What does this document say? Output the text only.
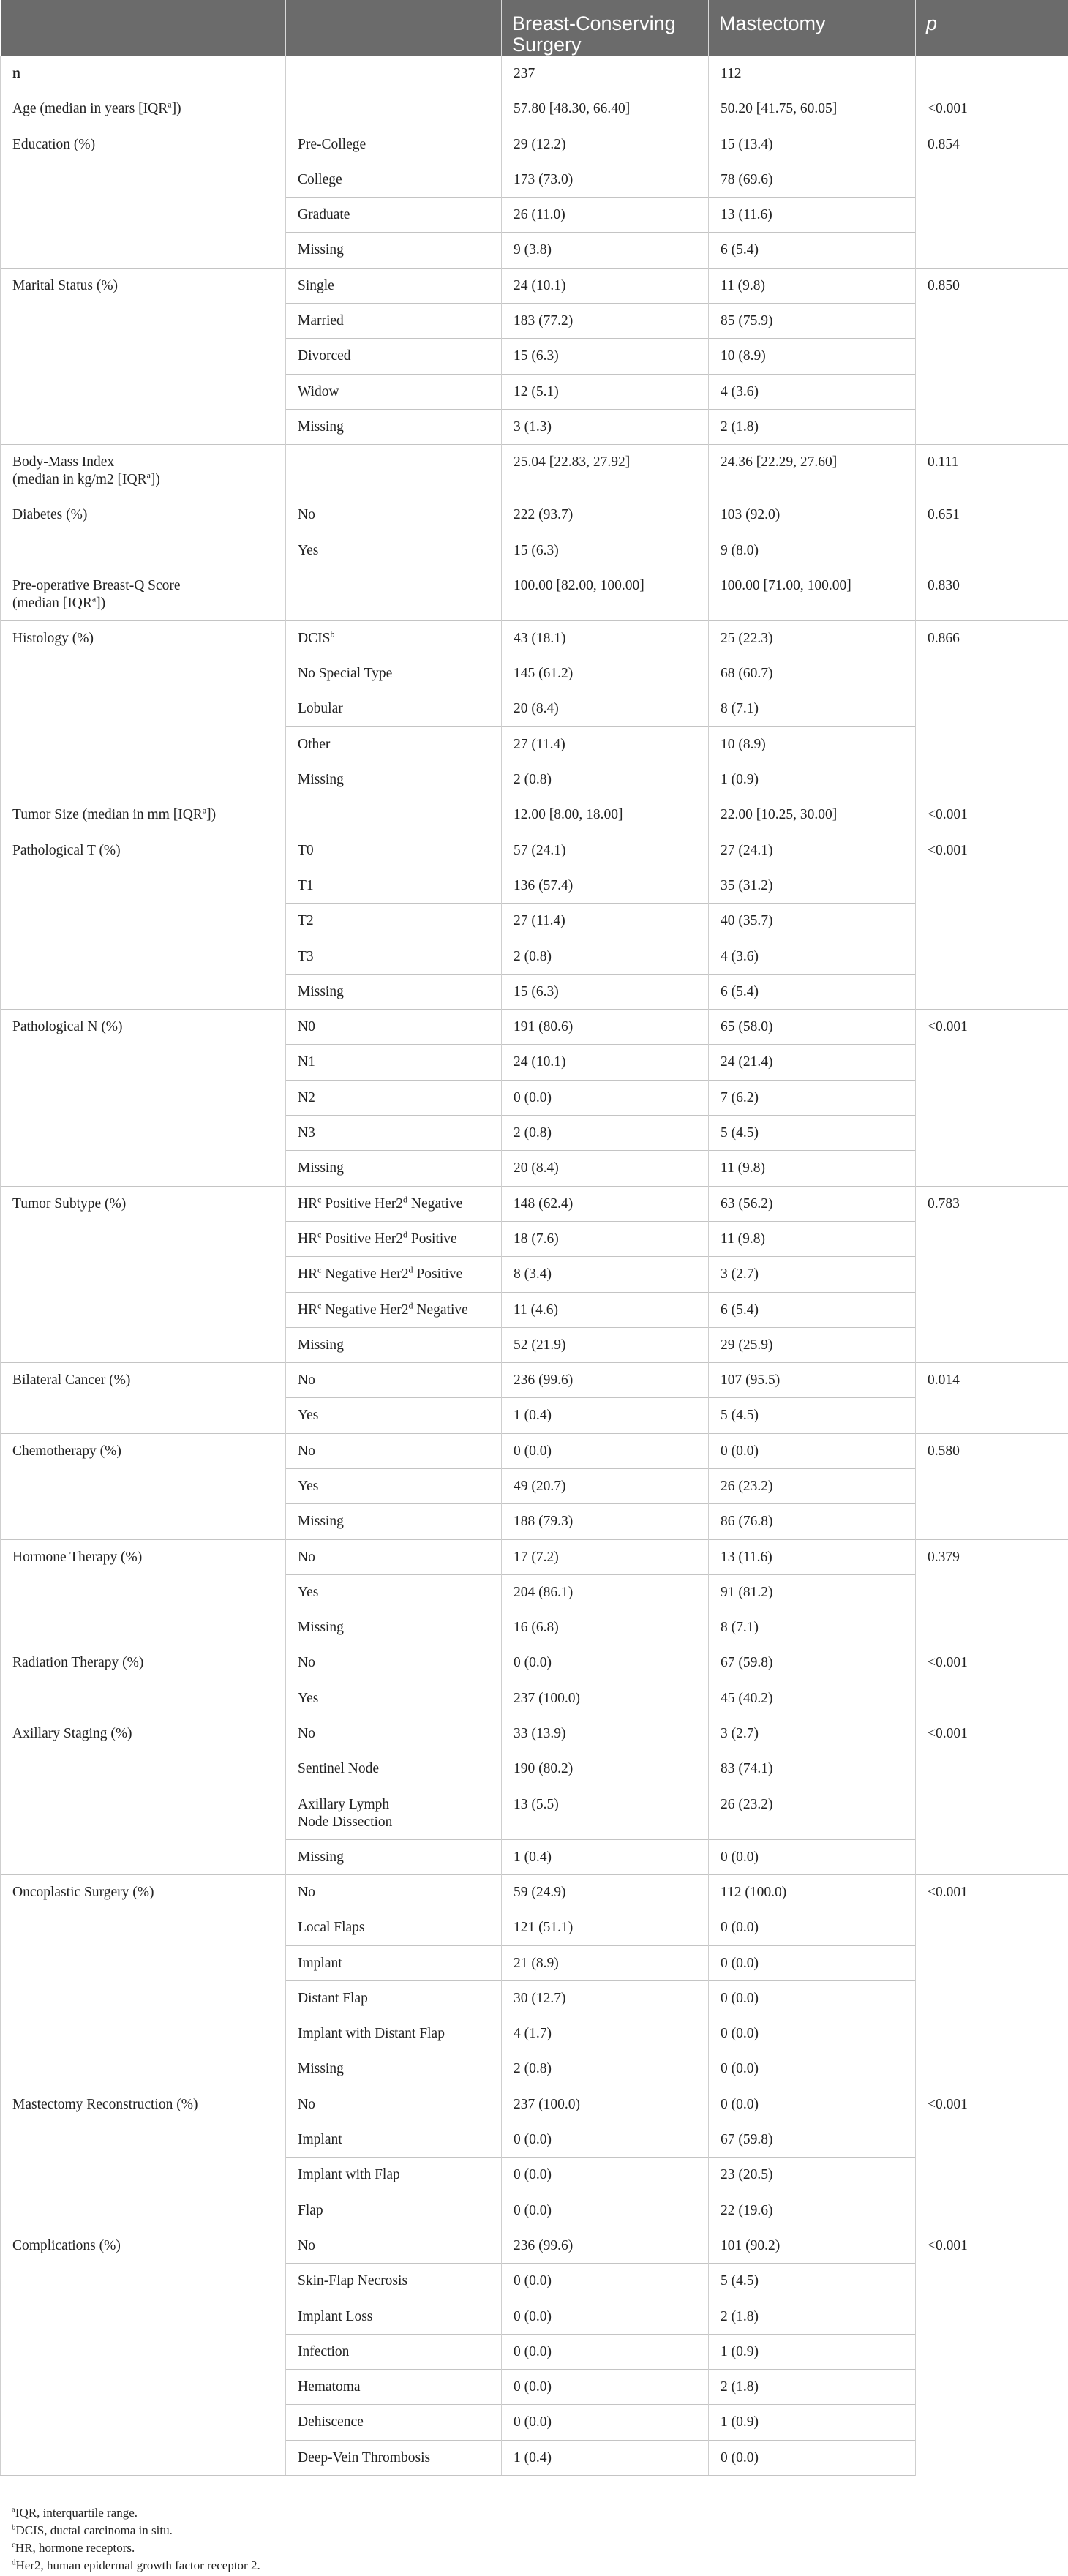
		Breast-Conserving Surgery	Mastectomy	p
n		237	112	
Age (median in years [IQR$^a$])		57.80 [48.30, 66.40]	50.20 [41.75, 60.05]	<0.001
Education (%)	Pre-College	29 (12.2)	15 (13.4)	0.854
	College	173 (73.0)	78 (69.6)	
	Graduate	26 (11.0)	13 (11.6)	
	Missing	9 (3.8)	6 (5.4)	
Marital Status (%)	Single	24 (10.1)	11 (9.8)	0.850
	Married	183 (77.2)	85 (75.9)	
	Divorced	15 (6.3)	10 (8.9)	
	Widow	12 (5.1)	4 (3.6)	
	Missing	3 (1.3)	2 (1.8)	
Body-Mass Index
(median in kg/m2 [IQR$^a$])		25.04 [22.83, 27.92]	24.36 [22.29, 27.60]	0.111
Diabetes (%)	No	222 (93.7)	103 (92.0)	0.651
	Yes	15 (6.3)	9 (8.0)	
Pre-operative Breast-Q Score
(median [IQR$^a$])		100.00 [82.00, 100.00]	100.00 [71.00, 100.00]	0.830
Histology (%)	DCIS$^b$	43 (18.1)	25 (22.3)	0.866
	No Special Type	145 (61.2)	68 (60.7)	
	Lobular	20 (8.4)	8 (7.1)	
	Other	27 (11.4)	10 (8.9)	
	Missing	2 (0.8)	1 (0.9)	
Tumor Size (median in mm [IQR$^a$])		12.00 [8.00, 18.00]	22.00 [10.25, 30.00]	<0.001
Pathological T (%)	T0	57 (24.1)	27 (24.1)	<0.001
	T1	136 (57.4)	35 (31.2)	
	T2	27 (11.4)	40 (35.7)	
	T3	2 (0.8)	4 (3.6)	
	Missing	15 (6.3)	6 (5.4)	
Pathological N (%)	N0	191 (80.6)	65 (58.0)	<0.001
	N1	24 (10.1)	24 (21.4)	
	N2	0 (0.0)	7 (6.2)	
	N3	2 (0.8)	5 (4.5)	
	Missing	20 (8.4)	11 (9.8)	
Tumor Subtype (%)	$HR^c$ Positive Her2$^d$ Negative	148 (62.4)	63 (56.2)	0.783
	$HR^c$ Positive Her2$^d$ Positive	18 (7.6)	11 (9.8)	
	$HR^c$ Negative Her2$^d$ Positive	8 (3.4)	3 (2.7)	
	$HR^c$ Negative Her2$^d$ Negative	11 (4.6)	6 (5.4)	
	Missing	52 (21.9)	29 (25.9)	
Bilateral Cancer (%)	No	236 (99.6)	107 (95.5)	0.014
	Yes	1 (0.4)	5 (4.5)	
Chemotherapy (%)	No	0 (0.0)	0 (0.0)	0.580
	Yes	49 (20.7)	26 (23.2)	
	Missing	188 (79.3)	86 (76.8)	
Hormone Therapy (%)	No	17 (7.2)	13 (11.6)	0.379
	Yes	204 (86.1)	91 (81.2)	
	Missing	16 (6.8)	8 (7.1)	
Radiation Therapy (%)	No	0 (0.0)	67 (59.8)	<0.001
	Yes	237 (100.0)	45 (40.2)	
Axillary Staging (%)	No	33 (13.9)	3 (2.7)	<0.001
	Sentinel Node	190 (80.2)	83 (74.1)	
	Axillary Lymph
Node Dissection	13 (5.5)	26 (23.2)	
	Missing	1 (0.4)	0 (0.0)	
Oncoplastic Surgery (%)	No	59 (24.9)	112 (100.0)	<0.001
	Local Flaps	121 (51.1)	0 (0.0)	
	Implant	21 (8.9)	0 (0.0)	
	Distant Flap	30 (12.7)	0 (0.0)	
	Implant with Distant Flap	4 (1.7)	0 (0.0)	
	Missing	2 (0.8)	0 (0.0)	
Mastectomy Reconstruction (%)	No	237 (100.0)	0 (0.0)	<0.001
	Implant	0 (0.0)	67 (59.8)	
	Implant with Flap	0 (0.0)	23 (20.5)	
	Flap	0 (0.0)	22 (19.6)	
Complications (%)	No	236 (99.6)	101 (90.2)	<0.001
	Skin-Flap Necrosis	0 (0.0)	5 (4.5)	
	Implant Loss	0 (0.0)	2 (1.8)	
	Infection	0 (0.0)	1 (0.9)	
	Hematoma	0 (0.0)	2 (1.8)	
	Dehiscence	0 (0.0)	1 (0.9)	
	Deep-Vein Thrombosis	1 (0.4)	0 (0.0)	
$^a$IQR, interquartile range.
$^b$DCIS, ductal carcinoma in situ.
$^c$HR, hormone receptors.
$^d$Her2, human epidermal growth factor receptor 2.
